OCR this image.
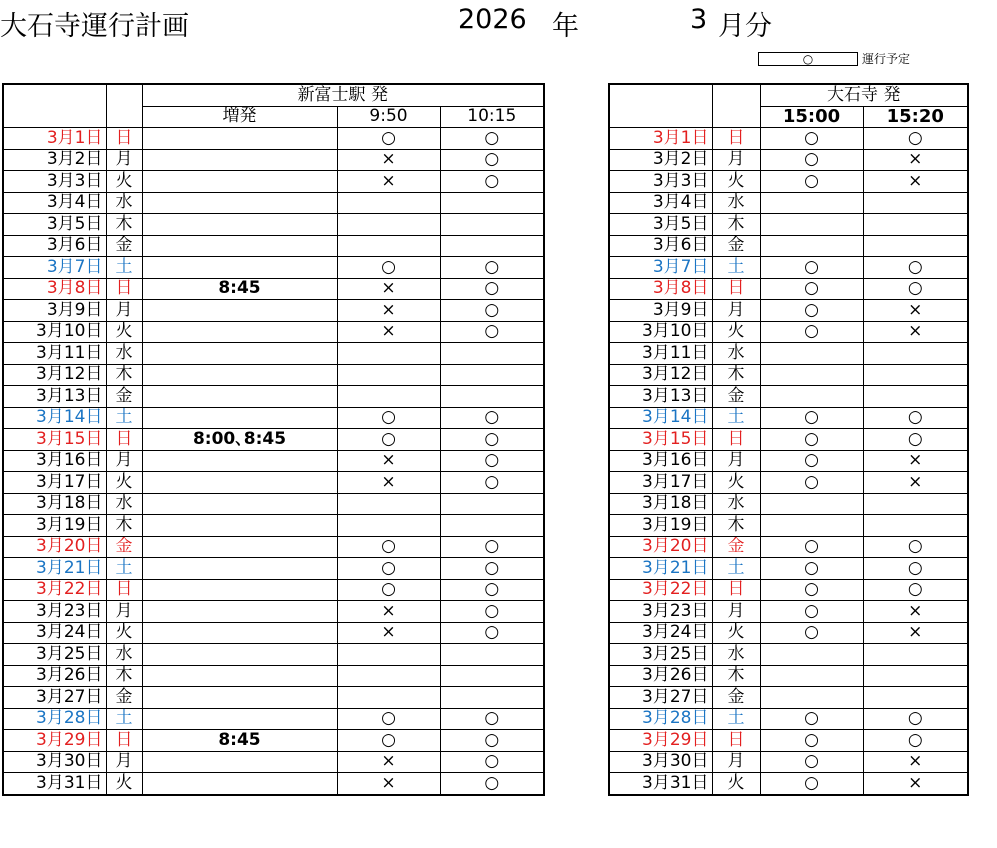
大石寺運行計画	2026 年	3 月分
○	運行予定
		新富士駅 発		
		増発	9:50	10:15
3月1日	日		○	○
3月2日	月		×	○
3月3日	火		×	○
3月4日	水			
3月5日	木			
3月6日	金			
3月7日	土		○	○
3月8日	日	8:45	×	○
3月9日	月		×	○
3月10日	火		×	○
3月11日	水			
3月12日	木			
3月13日	金			
3月14日	土		○	○
3月15日	日	8:00､8:45	○	○
3月16日	月		×	○
3月17日	火		×	○
3月18日	水			
3月19日	木			
3月20日	金		○	○
3月21日	土		○	○
3月22日	日		○	○
3月23日	月		×	○
3月24日	火		×	○
3月25日	水			
3月26日	木			
3月27日	金			
3月28日	土		○	○
3月29日	日	8:45	○	○
3月30日	月		×	○
3月31日	火		×	○
		大石寺 発	
		15:00	15:20
3月1日	日	○	○
3月2日	月	○	×
3月3日	火	○	×
3月4日	水		
3月5日	木		
3月6日	金		
3月7日	土	○	○
3月8日	日	○	○
3月9日	月	○	×
3月10日	火	○	×
3月11日	水		
3月12日	木		
3月13日	金		
3月14日	土	○	○
3月15日	日	○	○
3月16日	月	○	×
3月17日	火	○	×
3月18日	水		
3月19日	木		
3月20日	金	○	○
3月21日	土	○	○
3月22日	日	○	○
3月23日	月	○	×
3月24日	火	○	×
3月25日	水		
3月26日	木		
3月27日	金		
3月28日	土	○	○
3月29日	日	○	○
3月30日	月	○	×
3月31日	火	○	×
